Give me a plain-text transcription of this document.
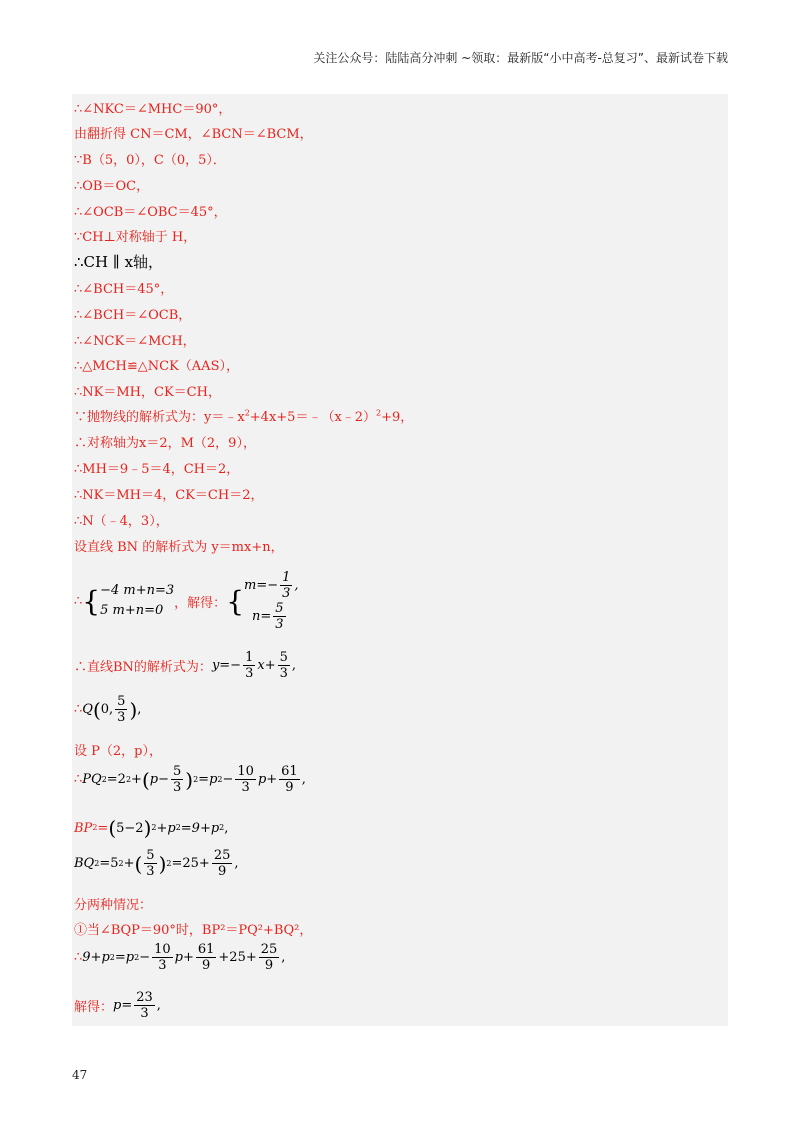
关注公众号：陆陆高分冲刺 ~领取：最新版“小中高考-总复习”、最新试卷下载
∴∠NKC＝∠MHC＝90°，
由翻折得 CN＝CM，∠BCN＝∠BCM，
∵B（5，0），C（0，5）．
∴OB＝OC，
∴∠OCB＝∠OBC＝45°，
∵CH⊥对称轴于 H，
∴CH ∥ x轴，
∴∠BCH＝45°，
∴∠BCH＝∠OCB，
∴∠NCK＝∠MCH，
∴△MCH≌△NCK（AAS），
∴NK＝MH，CK＝CH，
∵抛物线的解析式为：$y=﹣x^2+4x+5=﹣(x﹣2)^2+9$，
∴对称轴为x＝2，M（2，9），
∴MH＝9﹣5＝4，CH＝2，
∴NK＝MH＝4，CK＝CH＝2，
∴N（﹣4，3），
设直线 BN 的解析式为 y＝mx+n，
∴ { −4 m+n=3
5 m+n=0 ，解得： { $m=- \frac{1}{3}$ ,
$n= \frac{5}{3}$
∴直线BN的解析式为： $y=- \frac{1}{3} x+ \frac{5}{3}$ ,
∴ Q ( 0, $\frac{5}{3}$ ) ,
设 P（2，p），
∴ PQ 2 =2 2 + ( $p- \frac{5}{3}$ ) 2 =p $2 - \frac{10}{3} p+ \frac{61}{9}$ ,
BP 2 = ( 5−2 ) 2 +p 2 =9+p 2 ,
BQ 2 =5 2 + ( $\frac{5}{3}$ ) $2 =25+ \frac{25}{9}$ ,
分两种情况：
①当∠BQP＝90°时，BP²＝PQ²+BQ²，
∴ 9+p 2 =p $2 - \frac{10}{3} p+ \frac{61}{9} +25+ \frac{25}{9}$ ,
解得： $p= \frac{23}{3}$ ,
47
